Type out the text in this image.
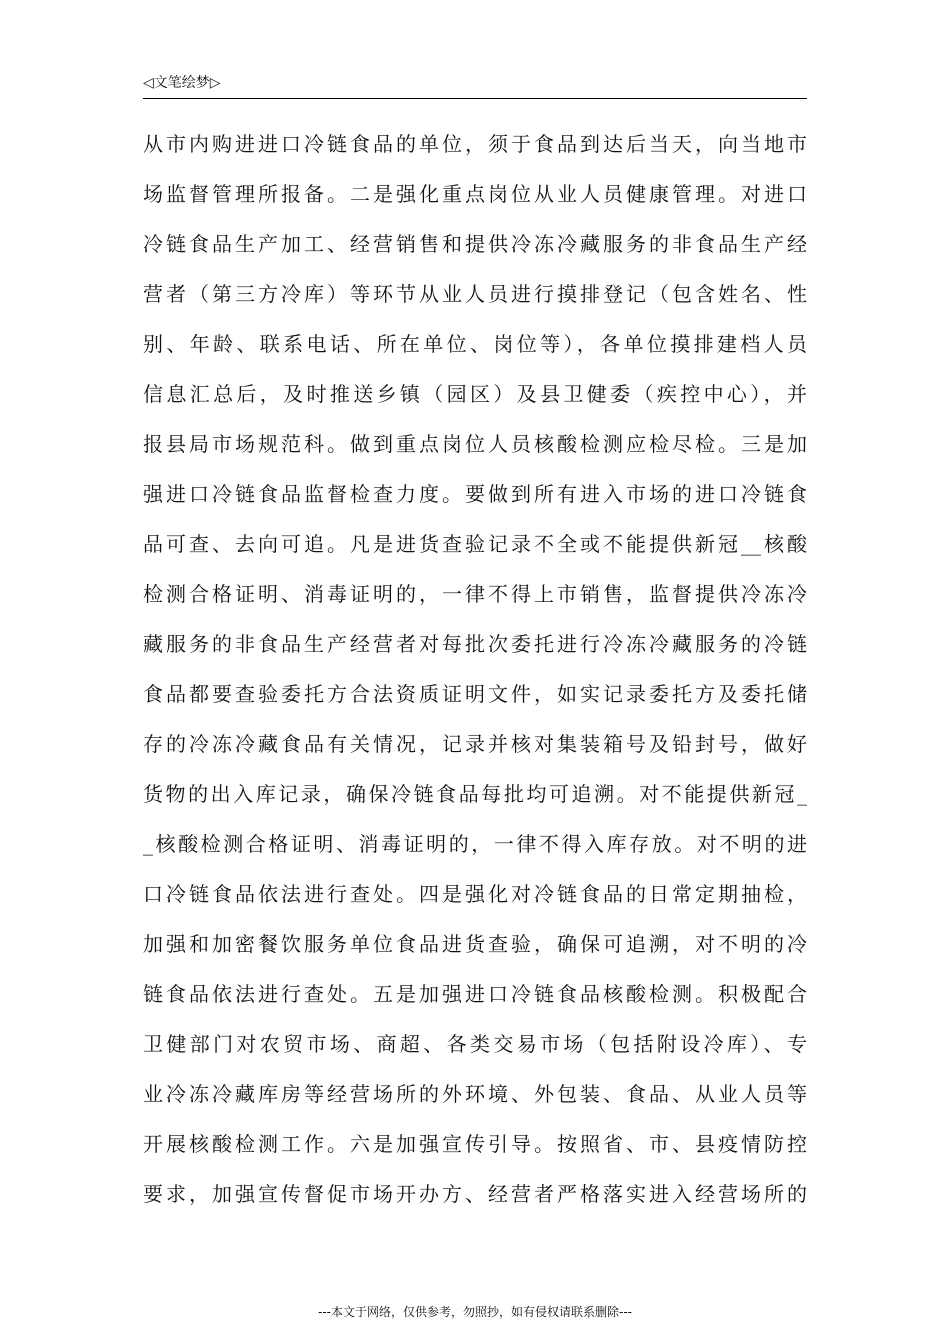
◁文笔绘梦▷
从市内购进进口冷链食品的单位，须于食品到达后当天，向当地市
场监督管理所报备。二是强化重点岗位从业人员健康管理。对进口
冷链食品生产加工、经营销售和提供冷冻冷藏服务的非食品生产经
营者（第三方冷库）等环节从业人员进行摸排登记（包含姓名、性
别、年龄、联系电话、所在单位、岗位等），各单位摸排建档人员
信息汇总后，及时推送乡镇（园区）及县卫健委（疾控中心），并
报县局市场规范科。做到重点岗位人员核酸检测应检尽检。三是加
强进口冷链食品监督检查力度。要做到所有进入市场的进口冷链食
品可查、去向可追。凡是进货查验记录不全或不能提供新冠__核酸
检测合格证明、消毒证明的，一律不得上市销售，监督提供冷冻冷
藏服务的非食品生产经营者对每批次委托进行冷冻冷藏服务的冷链
食品都要查验委托方合法资质证明文件，如实记录委托方及委托储
存的冷冻冷藏食品有关情况，记录并核对集装箱号及铅封号，做好
货物的出入库记录，确保冷链食品每批均可追溯。对不能提供新冠_
_核酸检测合格证明、消毒证明的，一律不得入库存放。对不明的进
口冷链食品依法进行查处。四是强化对冷链食品的日常定期抽检，
加强和加密餐饮服务单位食品进货查验，确保可追溯，对不明的冷
链食品依法进行查处。五是加强进口冷链食品核酸检测。积极配合
卫健部门对农贸市场、商超、各类交易市场（包括附设冷库）、专
业冷冻冷藏库房等经营场所的外环境、外包装、食品、从业人员等
开展核酸检测工作。六是加强宣传引导。按照省、市、县疫情防控
要求，加强宣传督促市场开办方、经营者严格落实进入经营场所的
---本文于网络，仅供参考，勿照抄，如有侵权请联系删除---
